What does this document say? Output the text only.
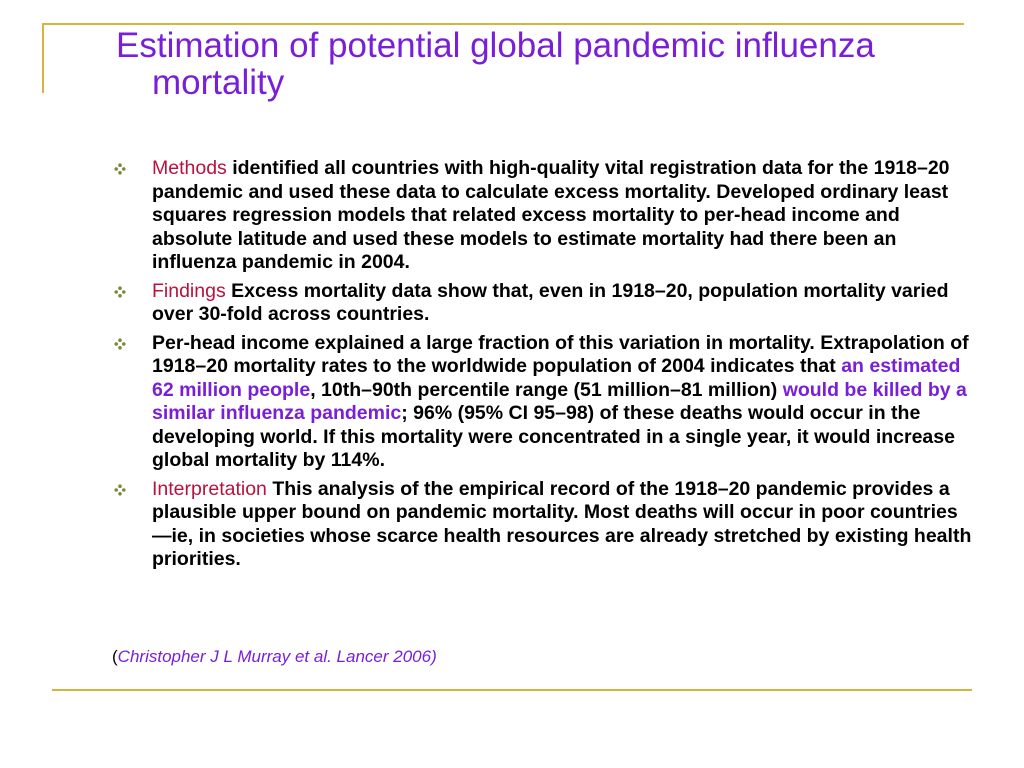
Estimation of potential global pandemic influenza mortality
Methods identified all countries with high-quality vital registration data for the 1918–20 pandemic and used these data to calculate excess mortality. Developed ordinary least squares regression models that related excess mortality to per-head income and absolute latitude and used these models to estimate mortality had there been an influenza pandemic in 2004.
Findings Excess mortality data show that, even in 1918–20, population mortality varied over 30-fold across countries.
Per-head income explained a large fraction of this variation in mortality. Extrapolation of 1918–20 mortality rates to the worldwide population of 2004 indicates that an estimated 62 million people, 10th–90th percentile range (51 million–81 million) would be killed by a similar influenza pandemic; 96% (95% CI 95–98) of these deaths would occur in the developing world. If this mortality were concentrated in a single year, it would increase global mortality by 114%.
Interpretation This analysis of the empirical record of the 1918–20 pandemic provides a plausible upper bound on pandemic mortality. Most deaths will occur in poor countries—ie, in societies whose scarce health resources are already stretched by existing health priorities.
(Christopher J L Murray et al. Lancer 2006)
